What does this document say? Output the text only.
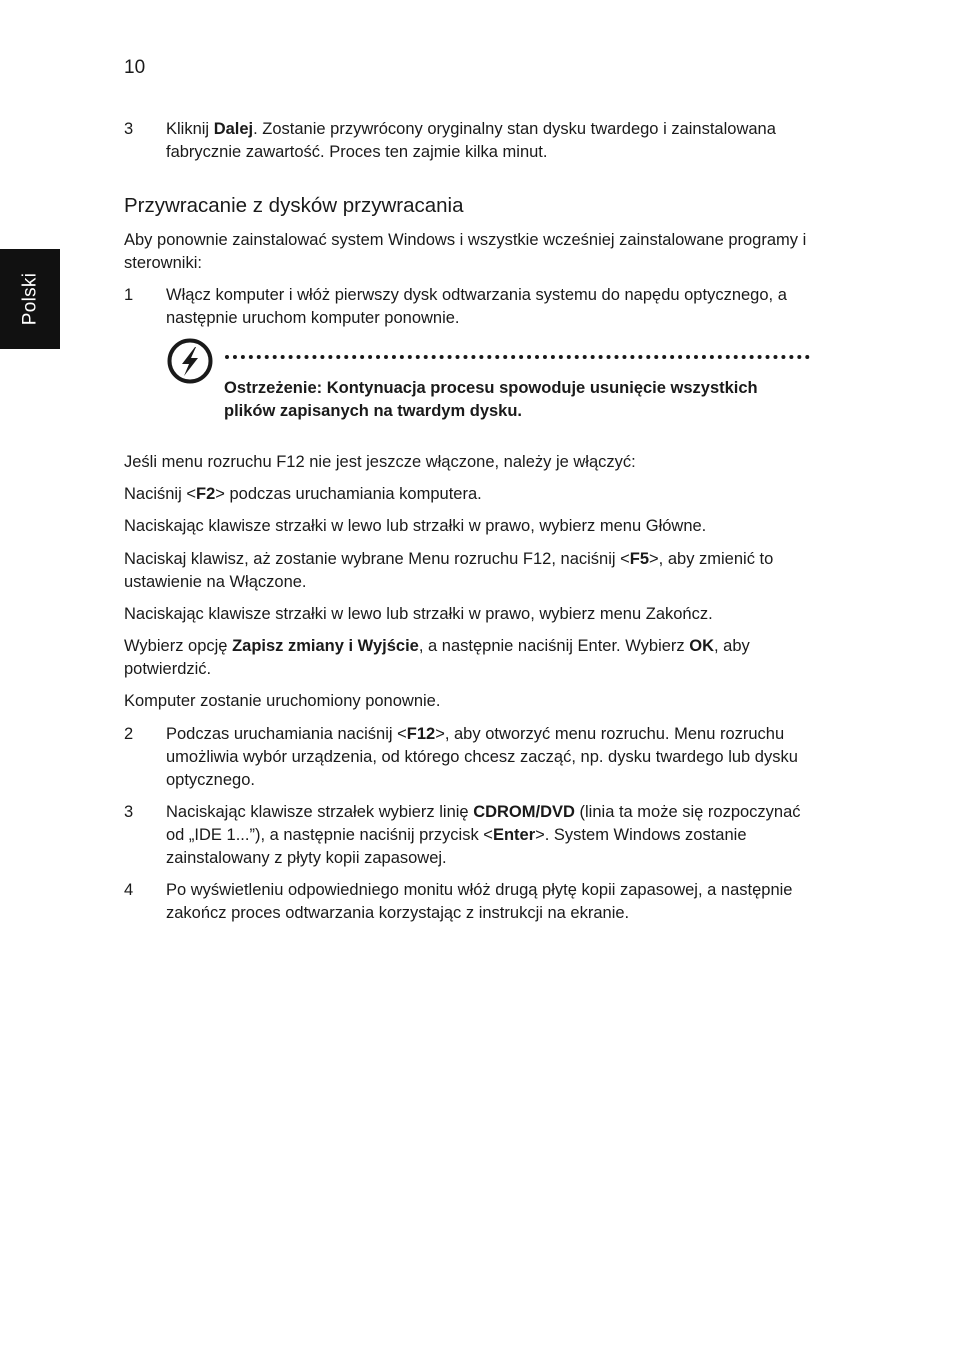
10
Polski
3	Kliknij Dalej. Zostanie przywrócony oryginalny stan dysku twardego i zainstalowana fabrycznie zawartość. Proces ten zajmie kilka minut.
Przywracanie z dysków przywracania
Aby ponownie zainstalować system Windows i wszystkie wcześniej zainstalowane programy i sterowniki:
1	Włącz komputer i włóż pierwszy dysk odtwarzania systemu do napędu optycznego, a następnie uruchom komputer ponownie.
Ostrzeżenie: Kontynuacja procesu spowoduje usunięcie wszystkich plików zapisanych na twardym dysku.
Jeśli menu rozruchu F12 nie jest jeszcze włączone, należy je włączyć:
Naciśnij <F2> podczas uruchamiania komputera.
Naciskając klawisze strzałki w lewo lub strzałki w prawo, wybierz menu Główne.
Naciskaj klawisz, aż zostanie wybrane Menu rozruchu F12, naciśnij <F5>, aby zmienić to ustawienie na Włączone.
Naciskając klawisze strzałki w lewo lub strzałki w prawo, wybierz menu Zakończ.
Wybierz opcję Zapisz zmiany i Wyjście, a następnie naciśnij Enter. Wybierz OK, aby potwierdzić.
Komputer zostanie uruchomiony ponownie.
2	Podczas uruchamiania naciśnij <F12>, aby otworzyć menu rozruchu. Menu rozruchu umożliwia wybór urządzenia, od którego chcesz zacząć, np. dysku twardego lub dysku optycznego.
3	Naciskając klawisze strzałek wybierz linię CDROM/DVD (linia ta może się rozpoczynać od „IDE 1...”), a następnie naciśnij przycisk <Enter>. System Windows zostanie zainstalowany z płyty kopii zapasowej.
4	Po wyświetleniu odpowiedniego monitu włóż drugą płytę kopii zapasowej, a następnie zakończ proces odtwarzania korzystając z instrukcji na ekranie.
